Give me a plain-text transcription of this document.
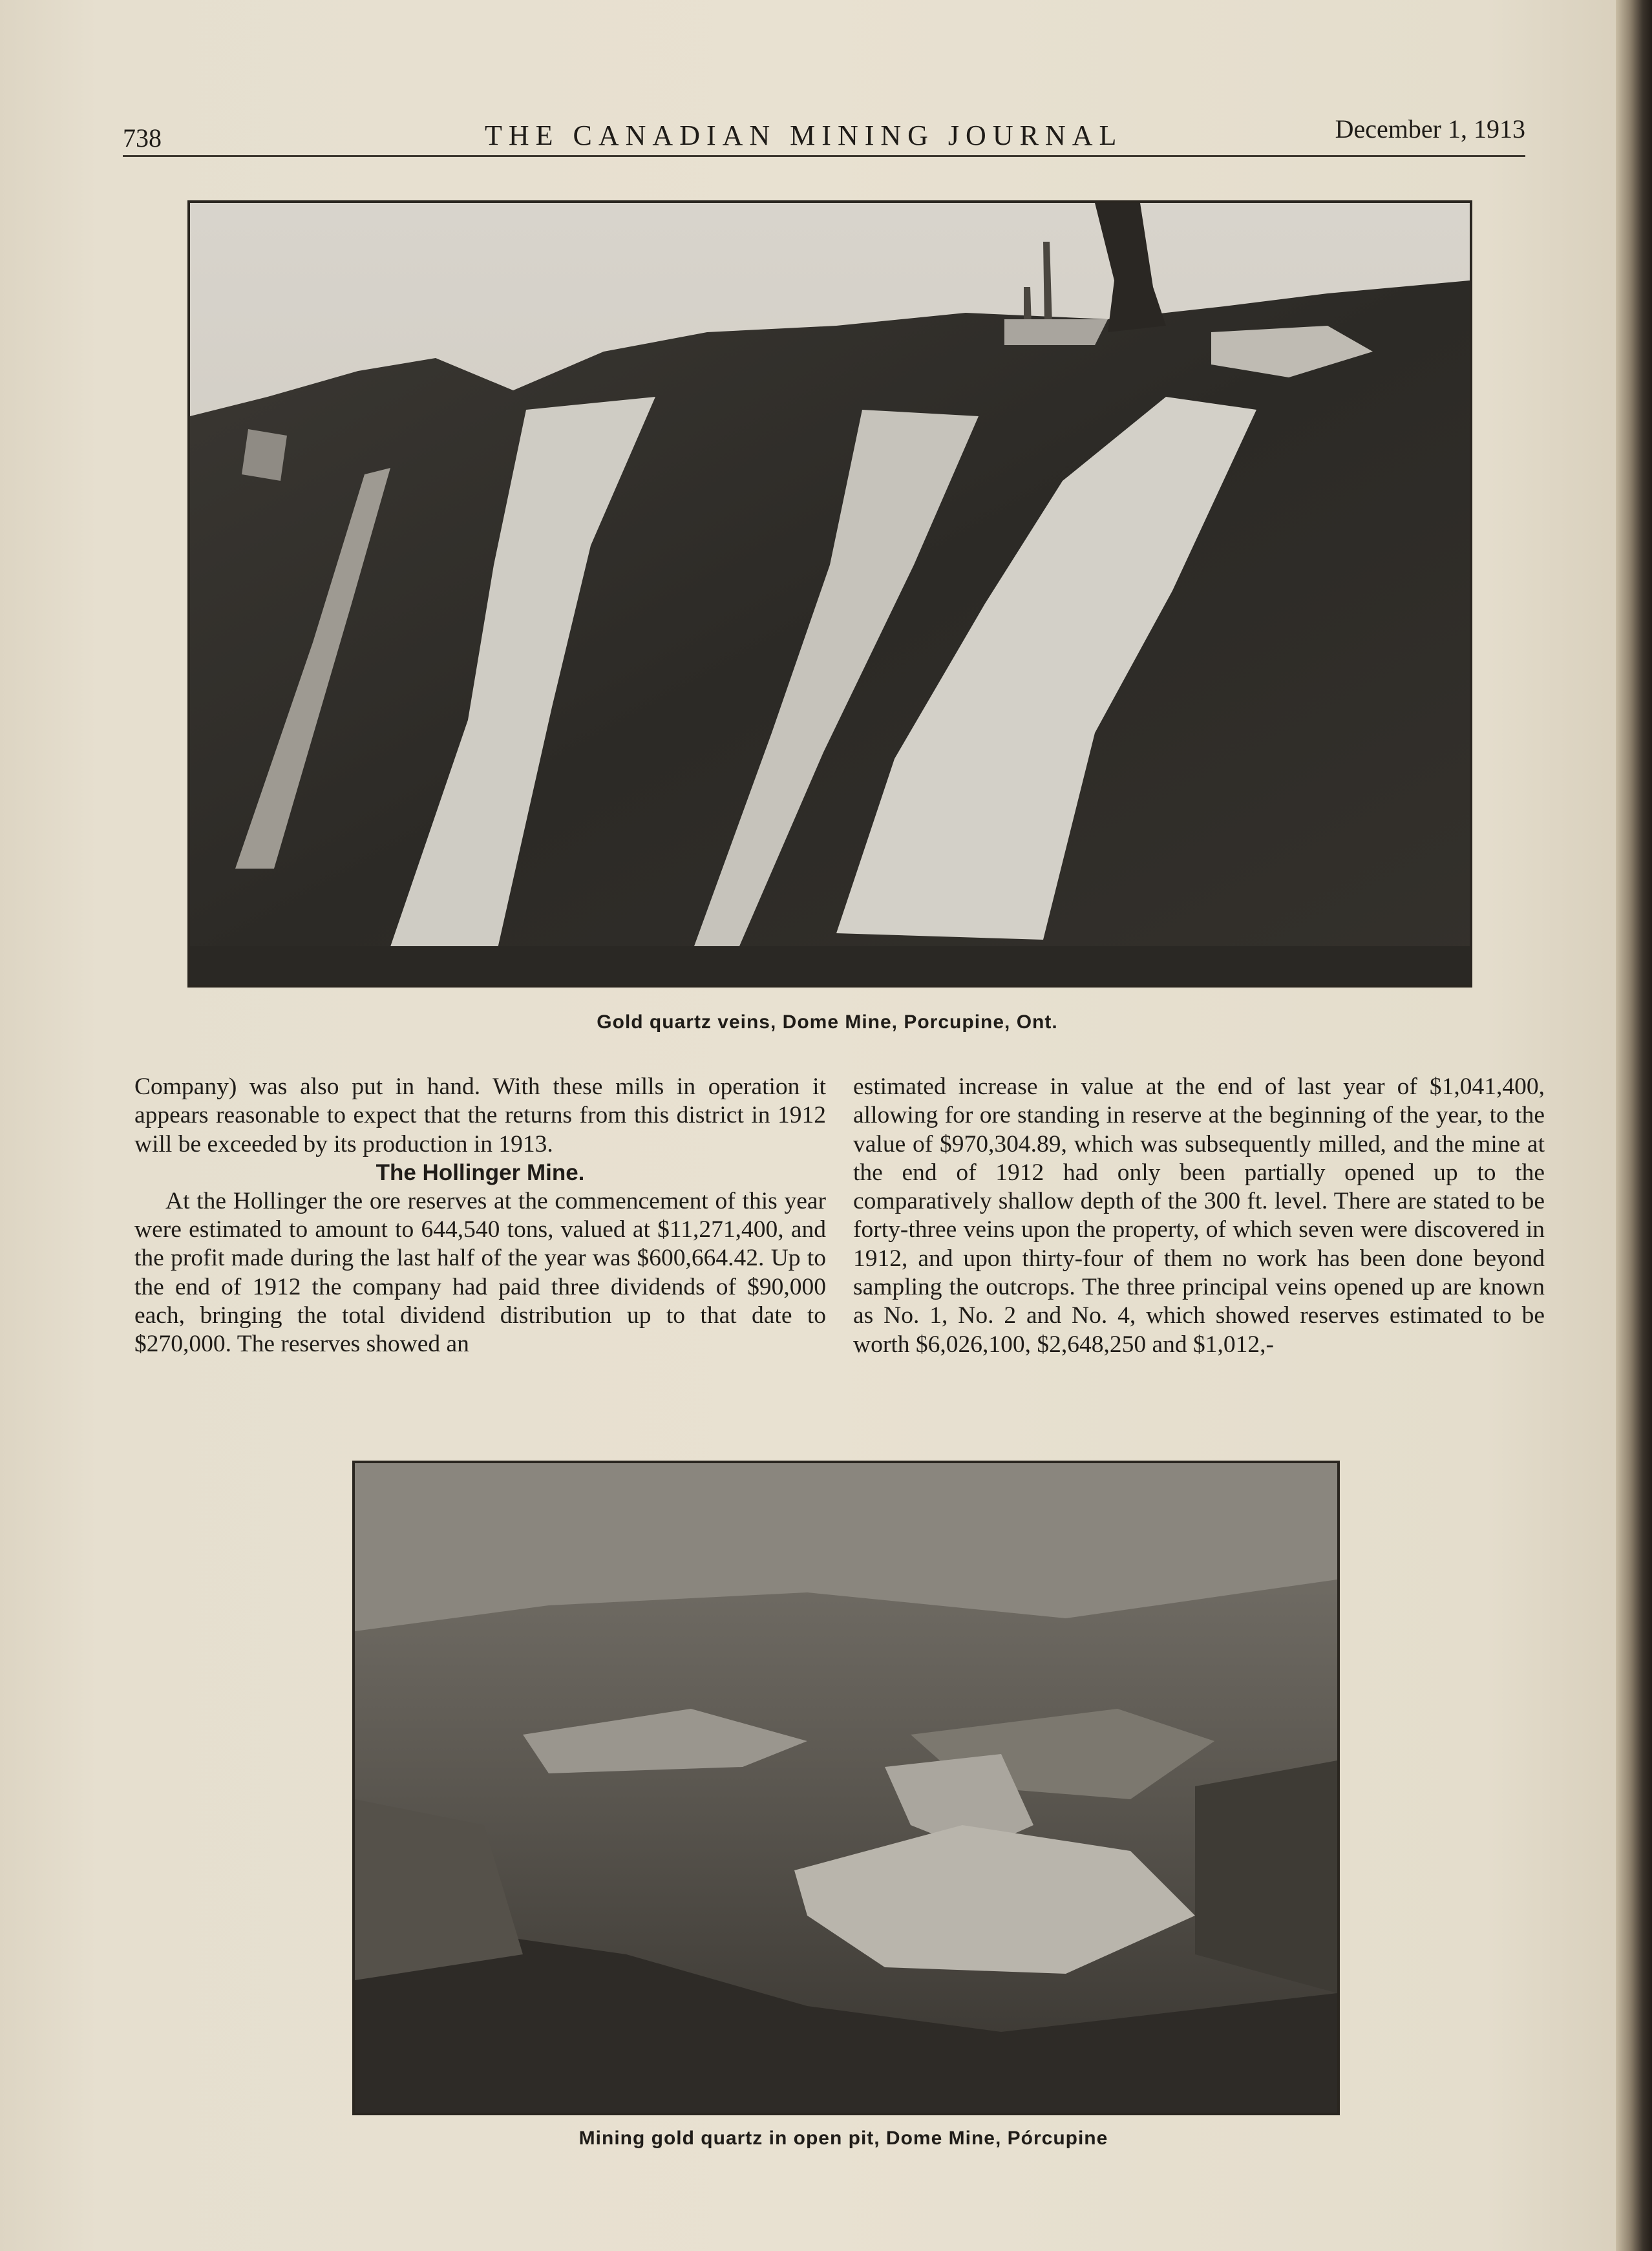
738	THE CANADIAN MINING JOURNAL	December 1, 1913
Gold quartz veins, Dome Mine, Porcupine, Ont.

Company) was also put in hand. With these mills in operation it appears reasonable to expect that the returns from this district in 1912 will be exceeded by its production in 1913.

The Hollinger Mine.

At the Hollinger the ore reserves at the commencement of this year were estimated to amount to 644,540 tons, valued at $11,271,400, and the profit made during the last half of the year was $600,664.42. Up to the end of 1912 the company had paid three dividends of $90,000 each, bringing the total dividend distribution up to that date to $270,000. The reserves showed an

estimated increase in value at the end of last year of $1,041,400, allowing for ore standing in reserve at the beginning of the year, to the value of $970,304.89, which was subsequently milled, and the mine at the end of 1912 had only been partially opened up to the comparatively shallow depth of the 300 ft. level. There are stated to be forty-three veins upon the property, of which seven were discovered in 1912, and upon thirty-four of them no work has been done beyond sampling the outcrops. The three principal veins opened up are known as No. 1, No. 2 and No. 4, which showed reserves estimated to be worth $6,026,100, $2,648,250 and $1,012,-

Mining gold quartz in open pit, Dome Mine, Pórcupine
